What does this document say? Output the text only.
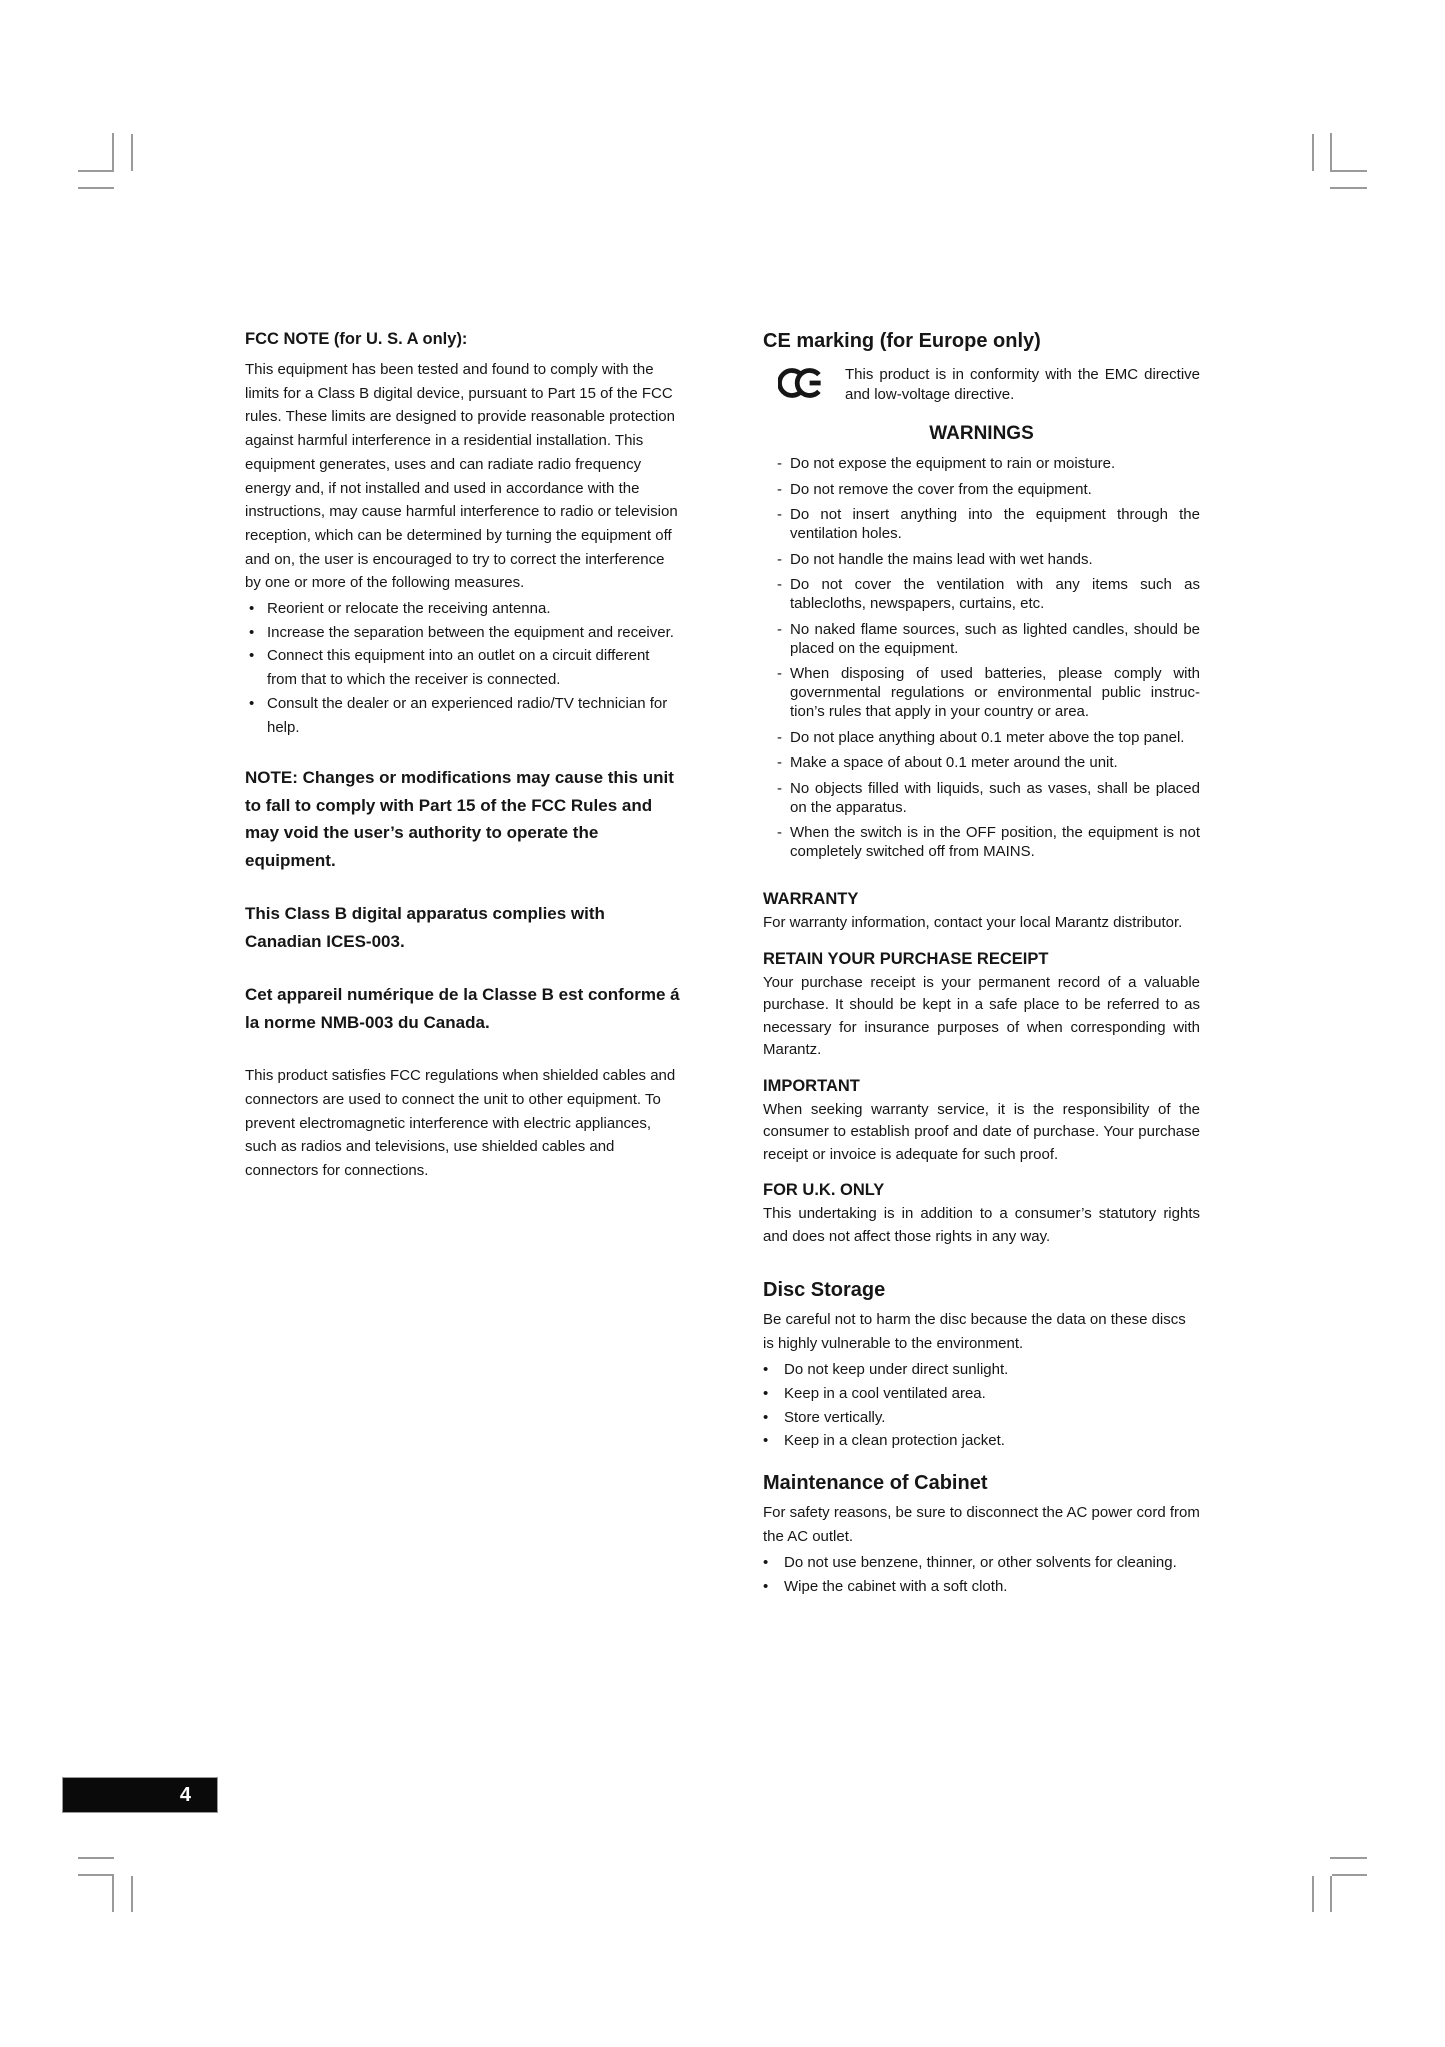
FCC NOTE (for U. S. A only):

This equipment has been tested and found to comply with the limits for a Class B digital device, pursuant to Part 15 of the FCC rules. These limits are designed to provide reasonable protection against harmful interference in a residential installation. This equipment generates, uses and can radiate radio frequency energy and, if not installed and used in accordance with the instructions, may cause harmful interference to radio or television reception, which can be determined by turning the equipment off and on, the user is encouraged to try to correct the interference by one or more of the following measures.

• Reorient or relocate the receiving antenna.
• Increase the separation between the equipment and receiver.
• Connect this equipment into an outlet on a circuit different from that to which the receiver is connected.
• Consult the dealer or an experienced radio/TV technician for help.

NOTE: Changes or modifications may cause this unit to fall to comply with Part 15 of the FCC Rules and may void the user’s authority to operate the equipment.

This Class B digital apparatus complies with Canadian ICES-003.

Cet appareil numérique de la Classe B est conforme á la norme NMB-003 du Canada.

This product satisfies FCC regulations when shielded cables and connectors are used to connect the unit to other equipment. To prevent electromagnetic interference with electric appliances, such as radios and televisions, use shielded cables and connectors for connections.

CE marking (for Europe only)

This product is in conformity with the EMC directive and low-voltage directive.

WARNINGS
- Do not expose the equipment to rain or moisture.
- Do not remove the cover from the equipment.
- Do not insert anything into the equipment through the ventilation holes.
- Do not handle the mains lead with wet hands.
- Do not cover the ventilation with any items such as tablecloths, newspapers, curtains, etc.
- No naked flame sources, such as lighted candles, should be placed on the equipment.
- When disposing of used batteries, please comply with governmental regulations or environmental public instruction’s rules that apply in your country or area.
- Do not place anything about 0.1 meter above the top panel.
- Make a space of about 0.1 meter around the unit.
- No objects filled with liquids, such as vases, shall be placed on the apparatus.
- When the switch is in the OFF position, the equipment is not completely switched off from MAINS.
WARRANTY

For warranty information, contact your local Marantz distributor.

RETAIN YOUR PURCHASE RECEIPT

Your purchase receipt is your permanent record of a valuable purchase. It should be kept in a safe place to be referred to as necessary for insurance purposes of when corresponding with Marantz.

IMPORTANT

When seeking warranty service, it is the responsibility of the consumer to establish proof and date of purchase. Your purchase receipt or invoice is adequate for such proof.

FOR U.K. ONLY

This undertaking is in addition to a consumer’s statutory rights and does not affect those rights in any way.

Disc Storage

Be careful not to harm the disc because the data on these discs is highly vulnerable to the environment.

• Do not keep under direct sunlight.
• Keep in a cool ventilated area.
• Store vertically.
• Keep in a clean protection jacket.
Maintenance of Cabinet

For safety reasons, be sure to disconnect the AC power cord from the AC outlet.

• Do not use benzene, thinner, or other solvents for cleaning.
• Wipe the cabinet with a soft cloth.
4
